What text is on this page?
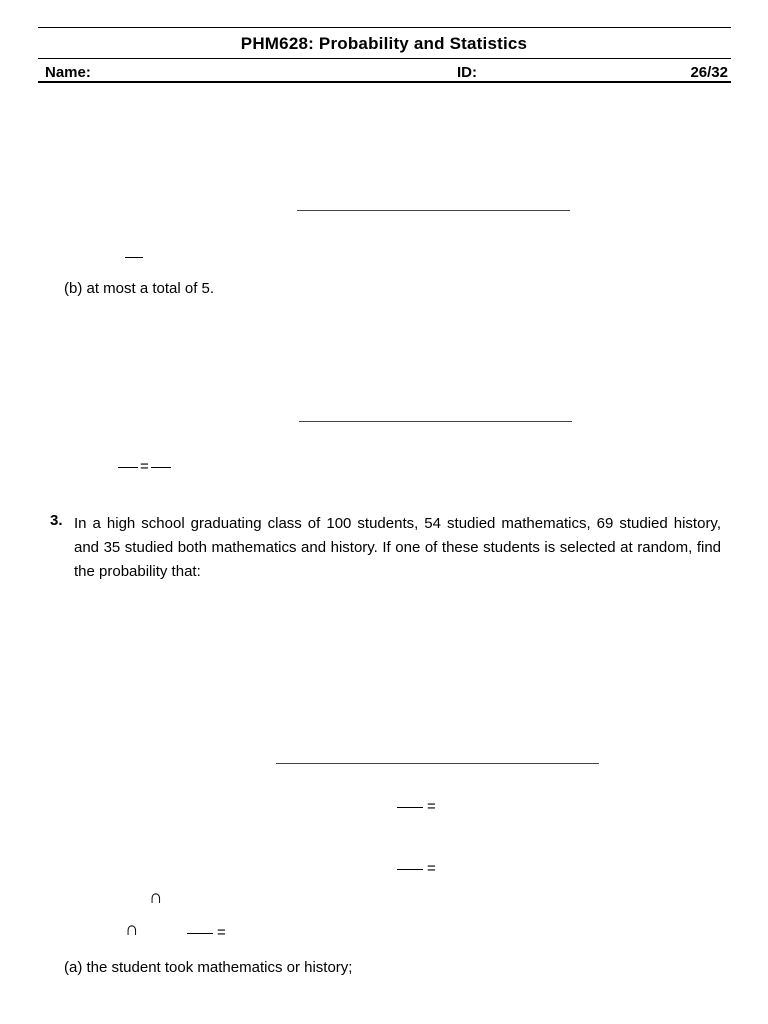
PHM628: Probability and Statistics
Name:	ID:	26/32
(b) at most a total of 5.
=
3. In a high school graduating class of 100 students, 54 studied mathematics, 69 studied history, and 35 studied both mathematics and history. If one of these students is selected at random, find the probability that:
=
=
∩
∩	=
(a) the student took mathematics or history;
